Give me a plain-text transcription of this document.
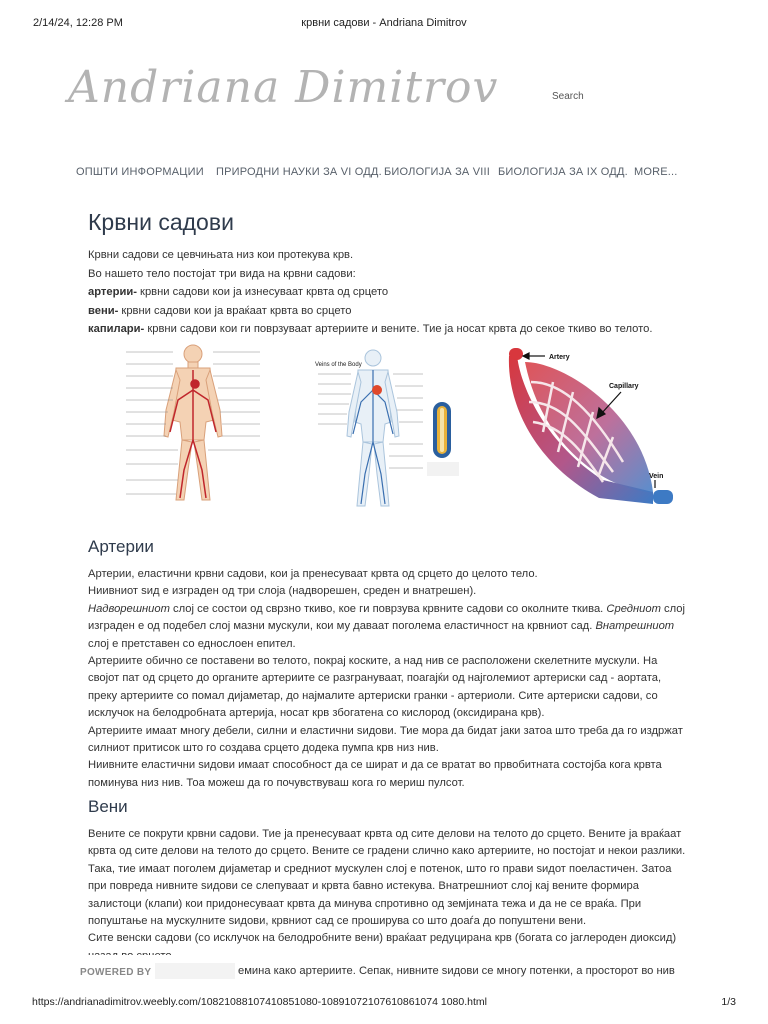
2/14/24, 12:28 PM	крвни садови - Andriana Dimitrov
Andriana Dimitrov	Search
ОПШТИ ИНФОРМАЦИИ ПРИРОДНИ НАУКИ ЗА VI ОДД. БИОЛОГИЈА ЗА VIII БИОЛОГИЈА ЗА IX ОДД. MORE...
Крвни садови
Крвни садови се цевчињата низ кои протекува крв.
Во нашето тело постојат три вида на крвни садови:
артерии- крвни садови кои ја изнесуваат крвта од срцето
вени- крвни садови кои ја враќаат крвта во срцето
капилари- крвни садови кои ги поврзуваат артериите и вените. Тие ја носат крвта до секое ткиво во телото.
Veins of the Body
Artery
Capillary
Vein
Артерии

Артерии, еластични крвни садови, кои ја пренесуваат крвта од срцето до целото тело.

Ниивниот ѕид е изграден од три слоја (надворешен, среден и внатрешен).

Надворешниот слој се состои од сврзно ткиво, кое ги поврзува крвните садови со околните ткива. Средниот слој изграден е од подебел слој мазни мускули, кои му даваат поголема еластичност на крвниот сад. Внатрешниот слој е претставен со еднослоен епител.

Артериите обично се поставени во телото, покрај коските, а над нив се расположени скелетните мускули. На својот пат од срцето до органите артериите се разгрануваат, поагајќи од најголемиот артериски сад - аортата, преку артериите со помал дијаметар, до најмалите артериски гранки - артериоли. Сите артериски садови, со исклучок на белодробната артерија, носат крв збогатена со кислород (оксидирана крв).

Артериите имаат многу дебели, силни и еластични ѕидови. Тие мора да бидат јаки затоа што треба да го издржат силниот притисок што го создава срцето додека пумпа крв низ нив.

Ниивните еластични ѕидови имаат способност да се шират и да се вратат во првобитната состојба кога крвта поминува низ нив. Тоа можеш да го почувствуваш кога го мериш пулсот.

Вени

Вените се покрути крвни садови. Тие ја пренесуваат крвта од сите делови на телото до срцето. Вените ја враќаат крвта од сите делови на телото до срцето. Вените се градени слично како артериите, но постојат и некои разлики. Така, тие имаат поголем дијаметар и средниот мускулен слој е потенок, што го прави ѕидот поеластичен. Затоа при повреда нивните ѕидови се слепуваат и крвта бавно истекува. Внатрешниот слој кај вените формира залистоци (клапи) кои придонесуваат крвта да минува спротивно од земјината тежа и да не се враќа. При попуштање на мускулните ѕидови, крвниот сад се проширува со што доаѓа до попуштени вени.

Сите венски садови (со исклучок на белодробните вени) враќаат редуцирана крв (богата со јаглероден диоксид)

POWERED BY	емина како артериите. Сепак, нивните ѕидови се многу потенки, а просторот во нив
https://andrianadimitrov.weebly.com/10821088107410851080-10891072107610861074 1080.html	1/3
